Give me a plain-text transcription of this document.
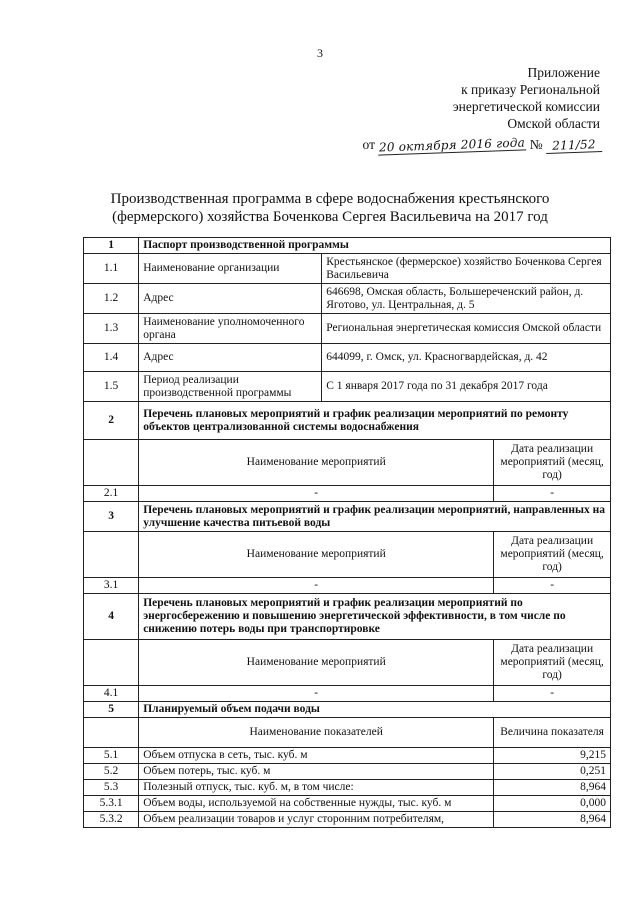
3
Приложение
к приказу Региональной
энергетической комиссии
Омской области
от 20 октября 2016 года № 211/52
Производственная программа в сфере водоснабжения крестьянского
(фермерского) хозяйства Боченкова Сергея Васильевича на 2017 год
1	Паспорт производственной программы		
1.1	Наименование организации	Крестьянское (фермерское) хозяйство Боченкова Сергея Васильевича	
1.2	Адрес	646698, Омская область, Большереченский район, д. Яготово, ул. Центральная, д. 5	
1.3	Наименование уполномоченного органа	Региональная энергетическая комиссия Омской области	
1.4	Адрес	644099, г. Омск, ул. Красногвардейская, д. 42	
1.5	Период реализации производственной программы	С 1 января 2017 года по 31 декабря 2017 года	
2	Перечень плановых мероприятий и график реализации мероприятий по ремонту объектов централизованной системы водоснабжения		
	Наименование мероприятий		Дата реализации мероприятий (месяц, год)
2.1	-		-
3	Перечень плановых мероприятий и график реализации мероприятий, направленных на улучшение качества питьевой воды		
	Наименование мероприятий		Дата реализации мероприятий (месяц, год)
3.1	-		-
4	Перечень плановых мероприятий и график реализации мероприятий по энергосбережению и повышению энергетической эффективности, в том числе по снижению потерь воды при транспортировке		
	Наименование мероприятий		Дата реализации мероприятий (месяц, год)
4.1	-		-
5	Планируемый объем подачи воды		
	Наименование показателей		Величина показателя
5.1	Объем отпуска в сеть, тыс. куб. м		9,215
5.2	Объем потерь, тыс. куб. м		0,251
5.3	Полезный отпуск, тыс. куб. м, в том числе:		8,964
5.3.1	Объем воды, используемой на собственные нужды, тыс. куб. м		0,000
5.3.2	Объем реализации товаров и услуг сторонним потребителям,		8,964
